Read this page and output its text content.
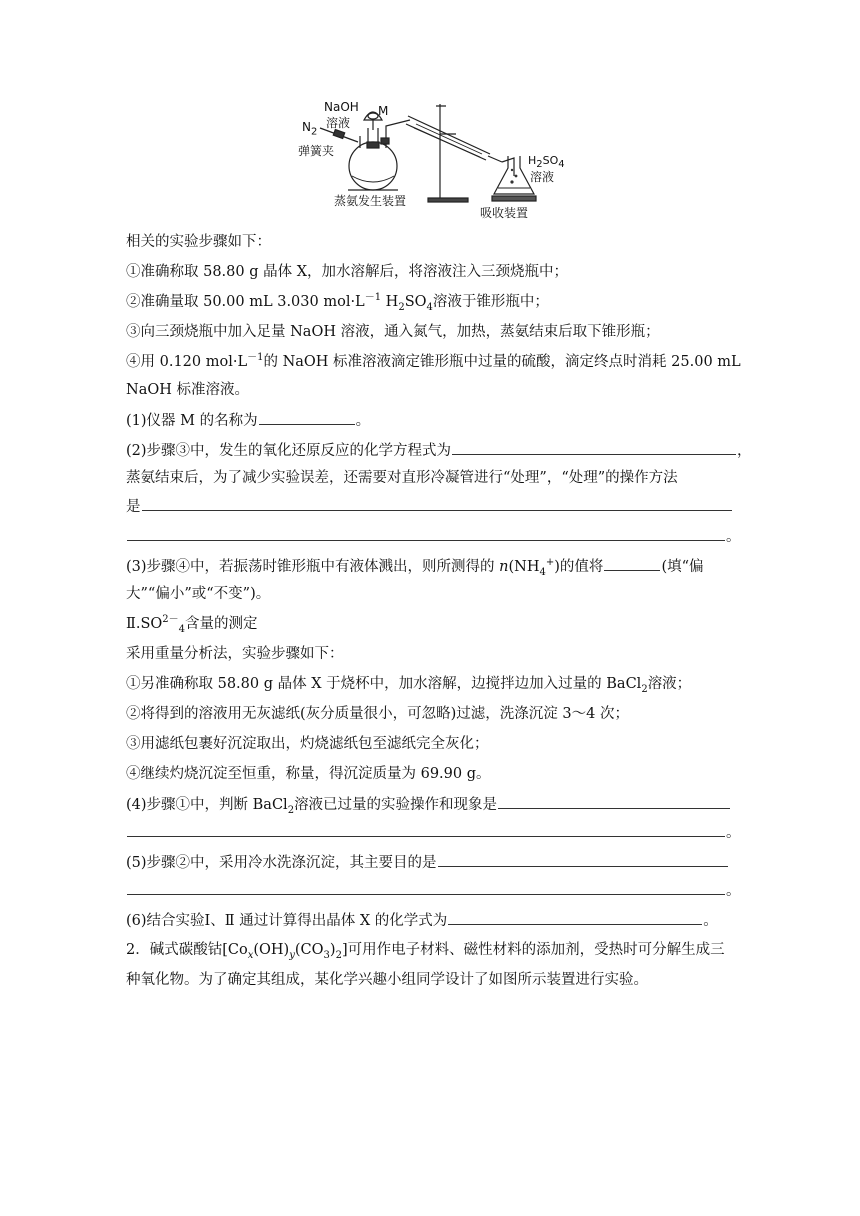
NaOH
溶液
M
$N_2$
弹簧夹
蒸氨发生装置
$H_2SO_4$
溶液
吸收装置
相关的实验步骤如下：
①准确称取 58.80 g 晶体 X，加水溶解后，将溶液注入三颈烧瓶中；
②准确量取 50.00 mL 3.030 $mol\cdot L^{-1}$ $H_2SO_4$溶液于锥形瓶中；
③向三颈烧瓶中加入足量 NaOH 溶液，通入氮气，加热，蒸氨结束后取下锥形瓶；
④用 0.120 $mol\cdot L^{-1}$的 NaOH 标准溶液滴定锥形瓶中过量的硫酸，滴定终点时消耗 25.00 mL
NaOH 标准溶液。
(1)仪器 M 的名称为	。
(2)步骤③中，发生的氧化还原反应的化学方程式为	，
蒸氨结束后，为了减少实验误差，还需要对直形冷凝管进行“处理”，“处理”的操作方法
是
。
(3)步骤④中，若振荡时锥形瓶中有液体溅出，则所测得的 $n(NH_4^+)$的值将	(填“偏
大”“偏小”或“不变”)。
$Ⅱ.SO^{2-}_4$含量的测定
采用重量分析法，实验步骤如下：
①另准确称取 58.80 g 晶体 X 于烧杯中，加水溶解，边搅拌边加入过量的 BaCl$_2$溶液；
②将得到的溶液用无灰滤纸(灰分质量很小，可忽略)过滤，洗涤沉淀 3～4 次；
③用滤纸包裹好沉淀取出，灼烧滤纸包至滤纸完全灰化；
④继续灼烧沉淀至恒重，称量，得沉淀质量为 69.90 g。
(4)步骤①中，判断 BaCl$_2$溶液已过量的实验操作和现象是
。
(5)步骤②中，采用冷水洗涤沉淀，其主要目的是
。
(6)结合实验Ⅰ、Ⅱ 通过计算得出晶体 X 的化学式为	。
2．碱式碳酸钴$[Co_x(OH)_y(CO_3)_2]$可用作电子材料、磁性材料的添加剂，受热时可分解生成三
种氧化物。为了确定其组成，某化学兴趣小组同学设计了如图所示装置进行实验。
